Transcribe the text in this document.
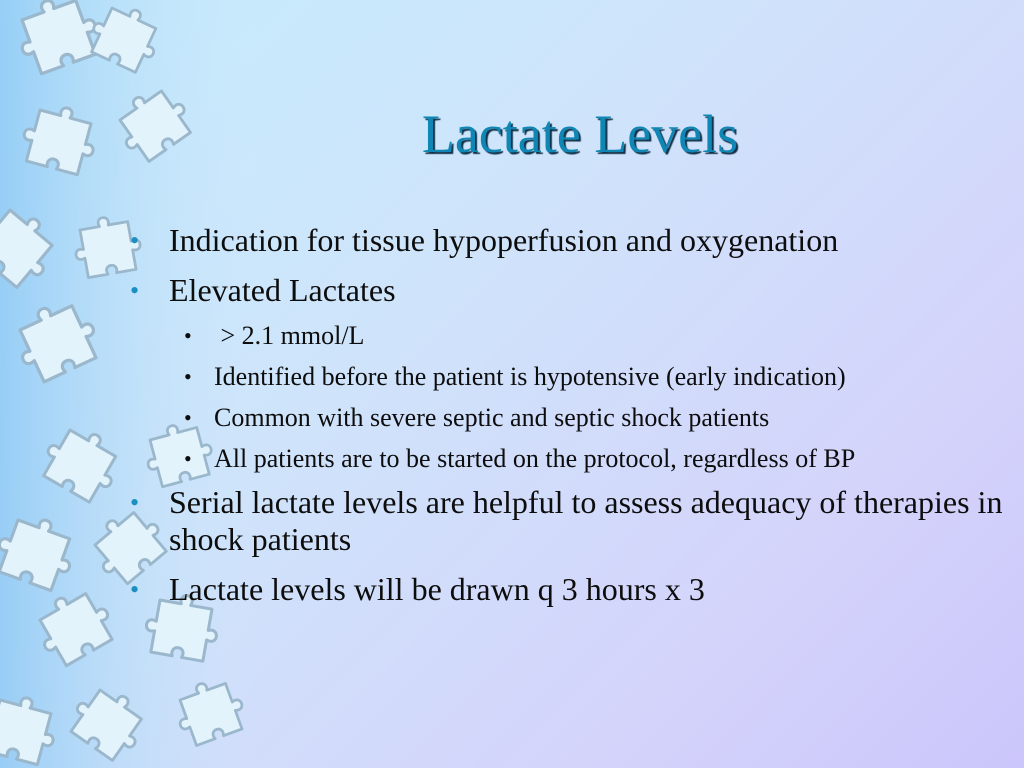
Lactate Levels
• Indication for tissue hypoperfusion and oxygenation
• Elevated Lactates
• > 2.1 mmol/L
• Identified before the patient is hypotensive (early indication)
• Common with severe septic and septic shock patients
• All patients are to be started on the protocol, regardless of BP
• Serial lactate levels are helpful to assess adequacy of therapies in shock patients
• Lactate levels will be drawn q 3 hours x 3
